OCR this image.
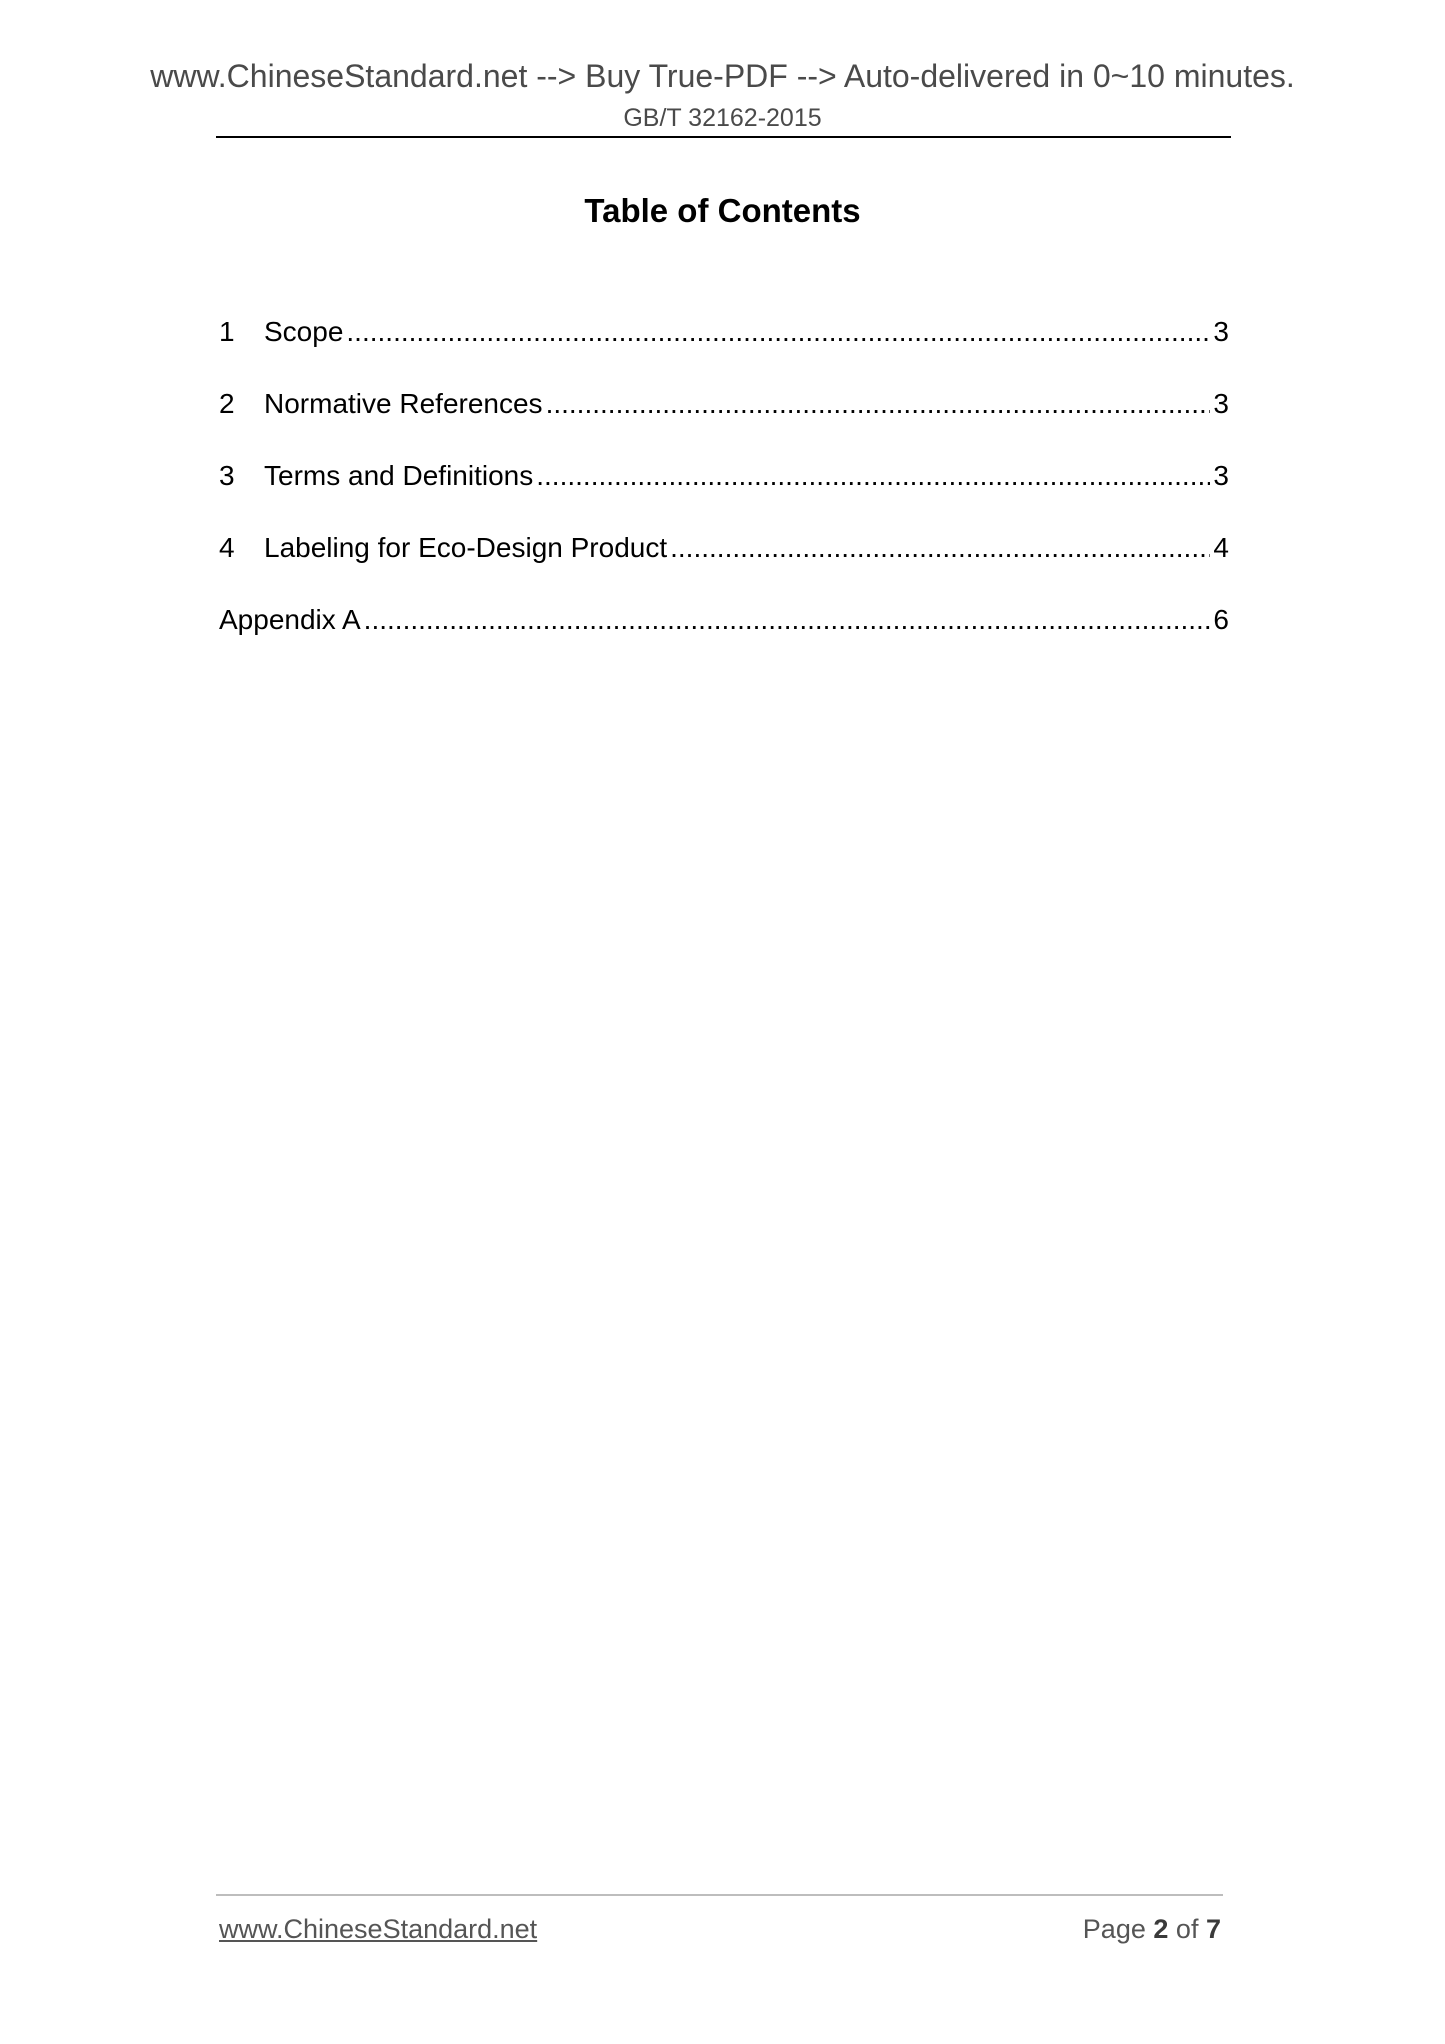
www.ChineseStandard.net --> Buy True-PDF --> Auto-delivered in 0~10 minutes.
GB/T 32162-2015
Table of Contents
1	Scope .....	3
2	Normative References .....	3
3	Terms and Definitions .....	3
4	Labeling for Eco-Design Product .....	4
Appendix A .....	6
www.ChineseStandard.net	Page 2 of 7
